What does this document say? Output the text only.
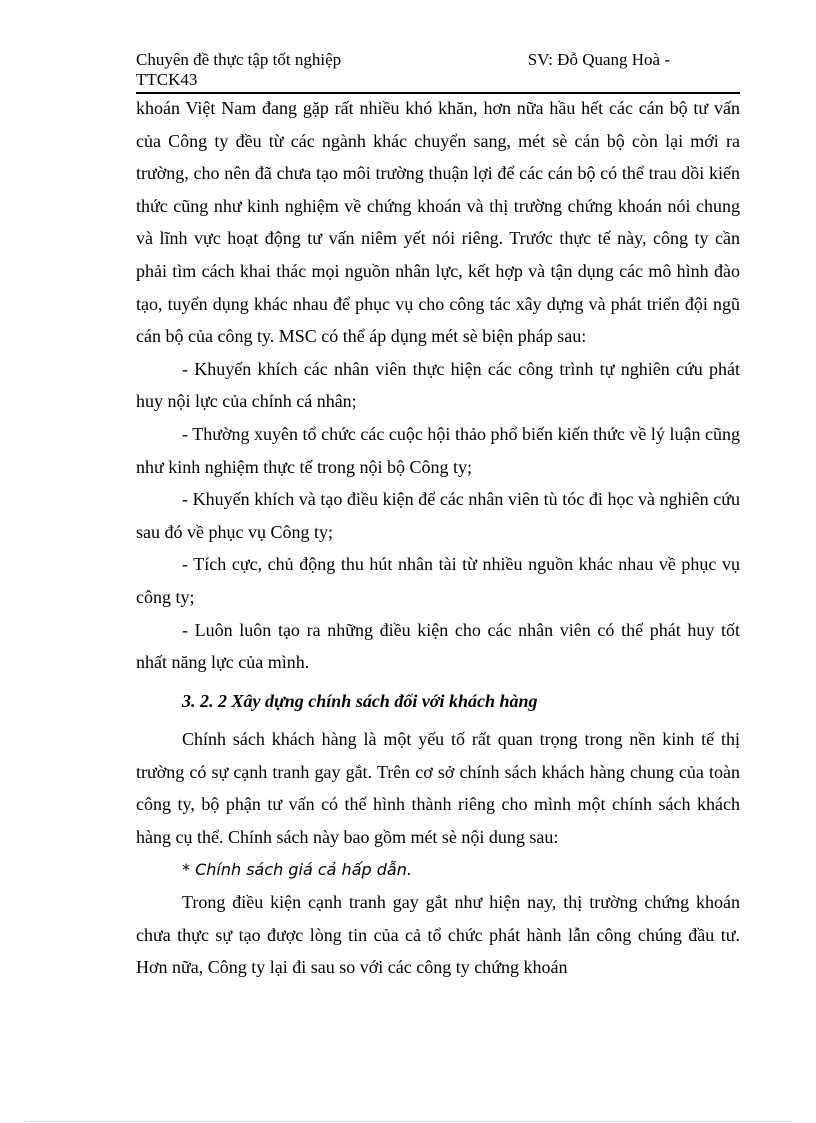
Chuyên đề thực tập tốt nghiệp	SV: Đỗ Quang Hoà -
TTCK43

khoán Việt Nam đang gặp rất nhiều khó khăn, hơn nữa hầu hết các cán bộ tư vấn của Công ty đều từ các ngành khác chuyển sang, mét sè cán bộ còn lại mới ra trường, cho nên đã chưa tạo môi trường thuận lợi để các cán bộ có thể trau dồi kiến thức cũng như kinh nghiệm về chứng khoán và thị trường chứng khoán nói chung và lĩnh vực hoạt động tư vấn niêm yết nói riêng. Trước thực tế này, công ty cần phải tìm cách khai thác mọi nguồn nhân lực, kết hợp và tận dụng các mô hình đào tạo, tuyển dụng khác nhau để phục vụ cho công tác xây dựng và phát triển đội ngũ cán bộ của công ty. MSC có thể áp dụng mét sè biện pháp sau:

- Khuyến khích các nhân viên thực hiện các công trình tự nghiên cứu phát huy nội lực của chính cá nhân;

- Thường xuyên tổ chức các cuộc hội thảo phổ biến kiến thức về lý luận cũng như kinh nghiệm thực tế trong nội bộ Công ty;

- Khuyến khích và tạo điều kiện để các nhân viên tù tóc đi học và nghiên cứu sau đó về phục vụ Công ty;

- Tích cực, chủ động thu hút nhân tài từ nhiều nguồn khác nhau về phục vụ công ty;

- Luôn luôn tạo ra những điều kiện cho các nhân viên có thể phát huy tốt nhất năng lực của mình.

3. 2. 2 Xây dựng chính sách đối với khách hàng

Chính sách khách hàng là một yếu tố rất quan trọng trong nền kinh tế thị trường có sự cạnh tranh gay gắt. Trên cơ sở chính sách khách hàng chung của toàn công ty, bộ phận tư vấn có thể hình thành riêng cho mình một chính sách khách hàng cụ thể. Chính sách này bao gồm mét sè nội dung sau:

* Chính sách giá cả hấp dẫn.

Trong điều kiện cạnh tranh gay gắt như hiện nay, thị trường chứng khoán chưa thực sự tạo được lòng tin của cả tổ chức phát hành lẫn công chúng đầu tư. Hơn nữa, Công ty lại đi sau so với các công ty chứng khoán
